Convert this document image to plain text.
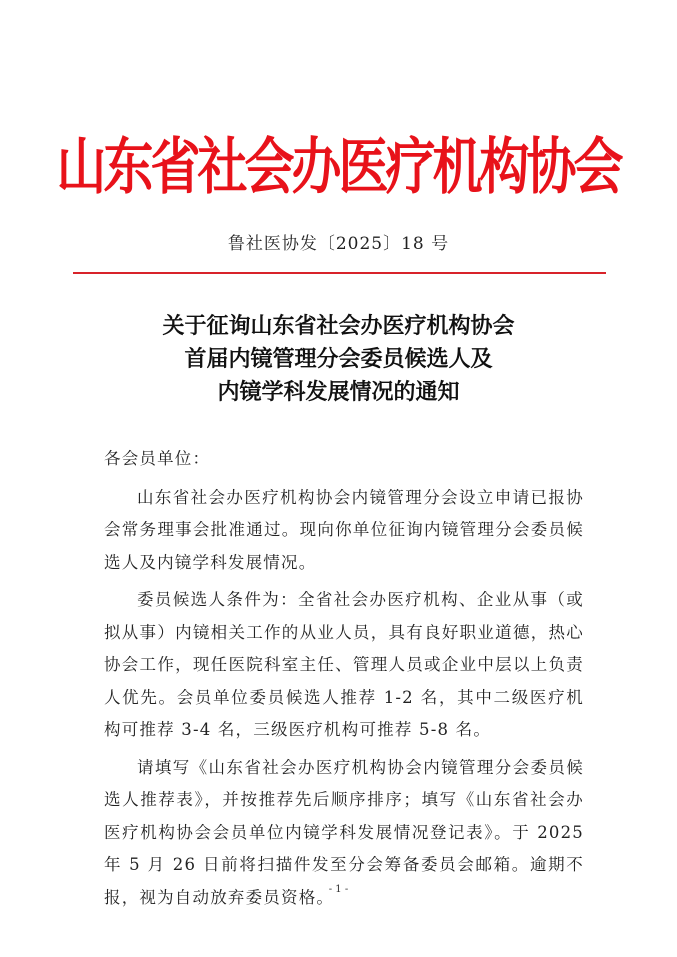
山东省社会办医疗机构协会
鲁社医协发〔2025〕18 号
关于征询山东省社会办医疗机构协会
首届内镜管理分会委员候选人及
内镜学科发展情况的通知

各会员单位：

山东省社会办医疗机构协会内镜管理分会设立申请已报协会常务理事会批准通过。现向你单位征询内镜管理分会委员候选人及内镜学科发展情况。

委员候选人条件为：全省社会办医疗机构、企业从事（或拟从事）内镜相关工作的从业人员，具有良好职业道德，热心协会工作，现任医院科室主任、管理人员或企业中层以上负责人优先。会员单位委员候选人推荐 1-2 名，其中二级医疗机构可推荐 3-4 名，三级医疗机构可推荐 5-8 名。

请填写《山东省社会办医疗机构协会内镜管理分会委员候选人推荐表》，并按推荐先后顺序排序；填写《山东省社会办医疗机构协会会员单位内镜学科发展情况登记表》。于 2025 年 5 月 26 日前将扫描件发至分会筹备委员会邮箱。逾期不报，视为自动放弃委员资格。

- 1 -
